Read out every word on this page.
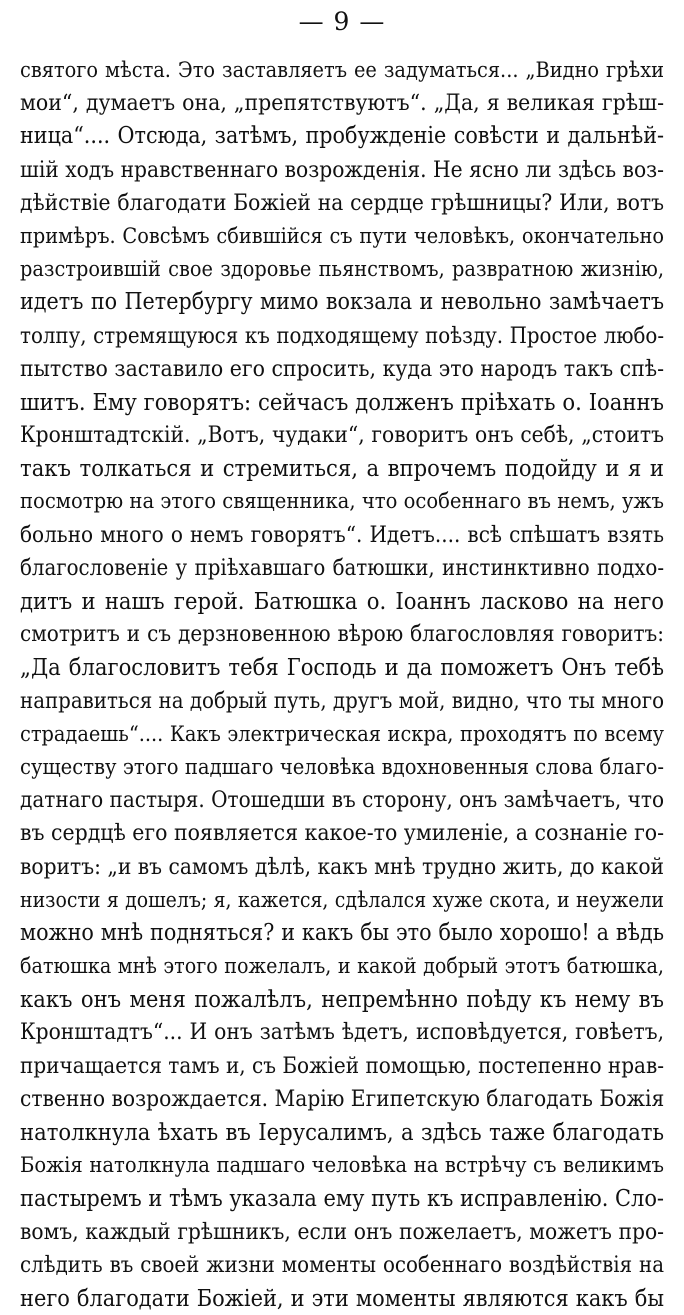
— 9 —
святого мѣста. Это заставляетъ ее задуматься... „Видно грѣхи
мои“, думаетъ она, „препятствуютъ“. „Да, я великая грѣш-
ница“.... Отсюда, затѣмъ, пробужденіе совѣсти и дальнѣй-
шій ходъ нравственнаго возрожденія. Не ясно ли здѣсь воз-
дѣйствіе благодати Божіей на сердце грѣшницы? Или, вотъ
примѣръ. Совсѣмъ сбившійся съ пути человѣкъ, окончательно
разстроившій свое здоровье пьянствомъ, развратною жизнію,
идетъ по Петербургу мимо вокзала и невольно замѣчаетъ
толпу, стремящуюся къ подходящему поѣзду. Простое любо-
пытство заставило его спросить, куда это народъ такъ спѣ-
шитъ. Ему говорятъ: сейчасъ долженъ пріѣхать о. Іоаннъ
Кронштадтскій. „Вотъ, чудаки“, говоритъ онъ себѣ, „стоитъ
такъ толкаться и стремиться, а впрочемъ подойду и я и
посмотрю на этого священника, что особеннаго въ немъ, ужъ
больно много о немъ говорятъ“. Идетъ.... всѣ спѣшатъ взять
благословеніе у пріѣхавшаго батюшки, инстинктивно подхо-
дитъ и нашъ герой. Батюшка о. Іоаннъ ласково на него
смотритъ и съ дерзновенною вѣрою благословляя говоритъ:
„Да благословитъ тебя Господь и да поможетъ Онъ тебѣ
направиться на добрый путь, другъ мой, видно, что ты много
страдаешь“.... Какъ электрическая искра, проходятъ по всему
существу этого падшаго человѣка вдохновенныя слова благо-
датнаго пастыря. Отошедши въ сторону, онъ замѣчаетъ, что
въ сердцѣ его появляется какое-то умиленіе, а сознаніе го-
воритъ: „и въ самомъ дѣлѣ, какъ мнѣ трудно жить, до какой
низости я дошелъ; я, кажется, сдѣлался хуже скота, и неужели
можно мнѣ подняться? и какъ бы это было хорошо! а вѣдь
батюшка мнѣ этого пожелалъ, и какой добрый этотъ батюшка,
какъ онъ меня пожалѣлъ, непремѣнно поѣду къ нему въ
Кронштадтъ“... И онъ затѣмъ ѣдетъ, исповѣдуется, говѣетъ,
причащается тамъ и, съ Божіей помощью, постепенно нрав-
ственно возрождается. Марію Египетскую благодать Божія
натолкнула ѣхать въ Іерусалимъ, а здѣсь таже благодать
Божія натолкнула падшаго человѣка на встрѣчу съ великимъ
пастыремъ и тѣмъ указала ему путь къ исправленію. Сло-
вомъ, каждый грѣшникъ, если онъ пожелаетъ, можетъ про-
слѣдить въ своей жизни моменты особеннаго воздѣйствія на
него благодати Божіей, и эти моменты являются какъ бы
